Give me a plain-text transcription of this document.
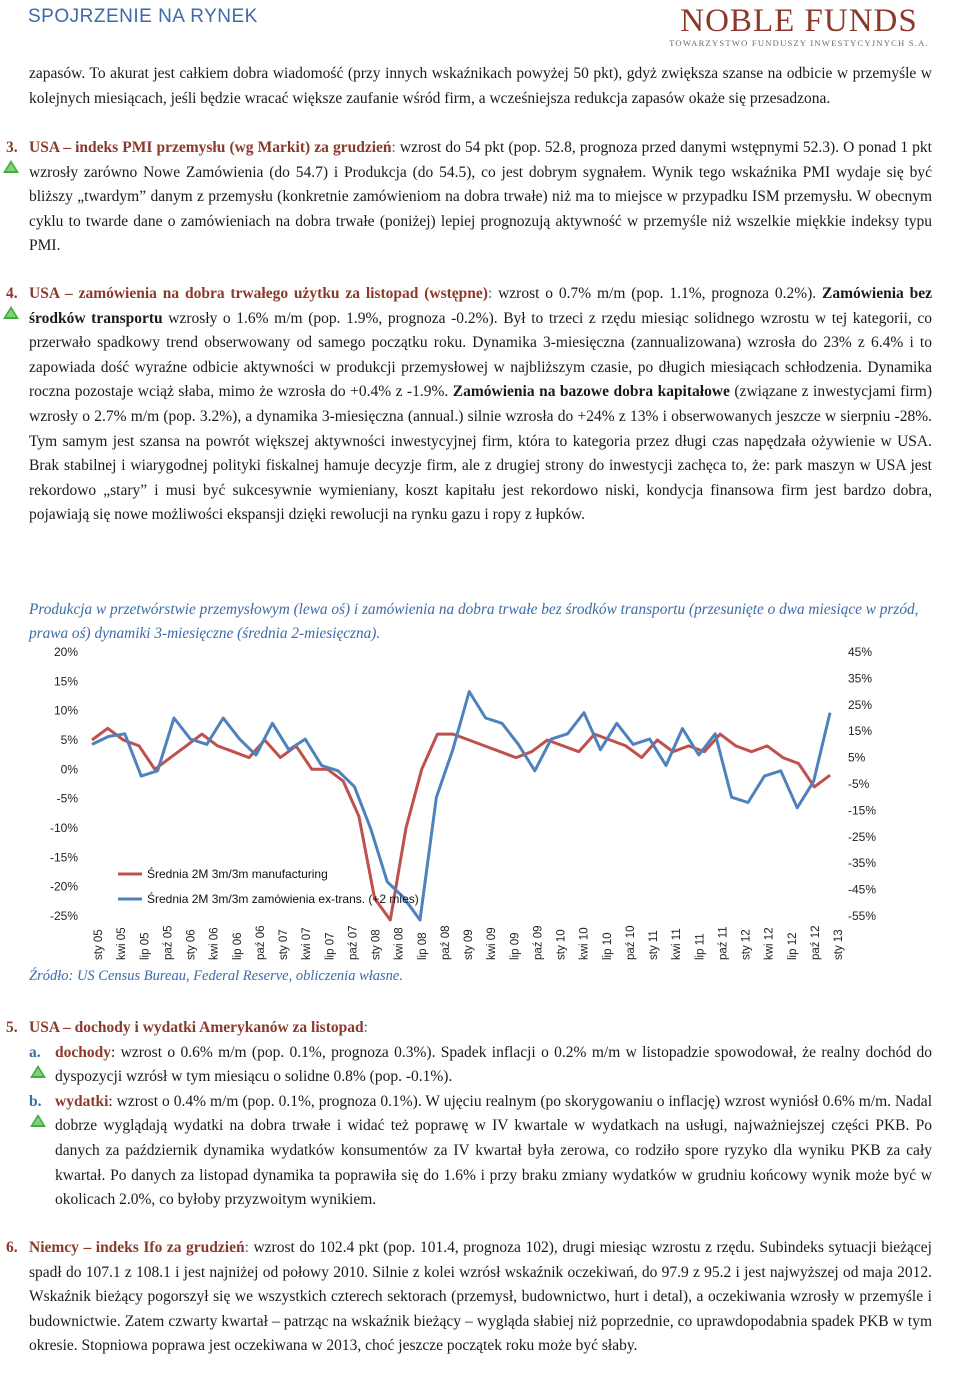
SPOJRZENIE NA RYNEK	NOBLE FUNDS
TOWARZYSTWO FUNDUSZY INWESTYCYJNYCH S.A.

zapasów. To akurat jest całkiem dobra wiadomość (przy innych wskaźnikach powyżej 50 pkt), gdyż zwiększa szanse na odbicie w przemyśle w kolejnych miesiącach, jeśli będzie wracać większe zaufanie wśród firm, a wcześniejsza redukcja zapasów okaże się przesadzona.

3. USA – indeks PMI przemysłu (wg Markit) za grudzień: wzrost do 54 pkt (pop. 52.8, prognoza przed danymi wstępnymi 52.3). O ponad 1 pkt wzrosły zarówno Nowe Zamówienia (do 54.7) i Produkcja (do 54.5), co jest dobrym sygnałem. Wynik tego wskaźnika PMI wydaje się być bliższy „twardym” danym z przemysłu (konkretnie zamówieniom na dobra trwałe) niż ma to miejsce w przypadku ISM przemysłu. W obecnym cyklu to twarde dane o zamówieniach na dobra trwałe (poniżej) lepiej prognozują aktywność w przemyśle niż wszelkie miękkie indeksy typu PMI.

4. USA – zamówienia na dobra trwałego użytku za listopad (wstępne): wzrost o 0.7% m/m (pop. 1.1%, prognoza 0.2%). Zamówienia bez środków transportu wzrosły o 1.6% m/m (pop. 1.9%, prognoza -0.2%). Był to trzeci z rzędu miesiąc solidnego wzrostu w tej kategorii, co przerwało spadkowy trend obserwowany od samego początku roku. Dynamika 3-miesięczna (zannualizowana) wzrosła do 23% z 6.4% i to zapowiada dość wyraźne odbicie aktywności w produkcji przemysłowej w najbliższym czasie, po długich miesiącach schłodzenia. Dynamika roczna pozostaje wciąż słaba, mimo że wzrosła do +0.4% z -1.9%. Zamówienia na bazowe dobra kapitałowe (związane z inwestycjami firm) wzrosły o 2.7% m/m (pop. 3.2%), a dynamika 3-miesięczna (annual.) silnie wzrosła do +24% z 13% i obserwowanych jeszcze w sierpniu -28%. Tym samym jest szansa na powrót większej aktywności inwestycyjnej firm, która to kategoria przez długi czas napędzała ożywienie w USA. Brak stabilnej i wiarygodnej polityki fiskalnej hamuje decyzje firm, ale z drugiej strony do inwestycji zachęca to, że: park maszyn w USA jest rekordowo „stary” i musi być sukcesywnie wymieniany, koszt kapitału jest rekordowo niski, kondycja finansowa firm jest bardzo dobra, pojawiają się nowe możliwości ekspansji dzięki rewolucji na rynku gazu i ropy z łupków.

Produkcja w przetwórstwie przemysłowym (lewa oś) i zamówienia na dobra trwałe bez środków transportu (przesunięte o dwa miesiące w przód, prawa oś) dynamiki 3-miesięczne (średnia 2-miesięczna).
20%
15%
10%
5%
0%
-5%
-10%
-15%
-20%
-25%
45%
35%
25%
15%
5%
-5%
-15%
-25%
-35%
-45%
-55%
sty 05 kwi 05 lip 05 paź 05 sty 06 kwi 06 lip 06 paź 06 sty 07 kwi 07 lip 07 paź 07 sty 08 kwi 08 lip 08 paź 08 sty 09 kwi 09 lip 09 paź 09 sty 10 kwi 10 lip 10 paź 10 sty 11 kwi 11 lip 11 paź 11 sty 12 kwi 12 lip 12 paź 12 sty 13
Średnia 2M 3m/3m manufacturing
Średnia 2M 3m/3m zamówienia ex-trans. (+2 mies)
Źródło: US Census Bureau, Federal Reserve, obliczenia własne.
5. USA – dochody i wydatki Amerykanów za listopad:

a. dochody: wzrost o 0.6% m/m (pop. 0.1%, prognoza 0.3%). Spadek inflacji o 0.2% m/m w listopadzie spowodował, że realny dochód do dyspozycji wzrósł w tym miesiącu o solidne 0.8% (pop. -0.1%).

b. wydatki: wzrost o 0.4% m/m (pop. 0.1%, prognoza 0.1%). W ujęciu realnym (po skorygowaniu o inflację) wzrost wyniósł 0.6% m/m. Nadal dobrze wyglądają wydatki na dobra trwałe i widać też poprawę w IV kwartale w wydatkach na usługi, najważniejszej części PKB. Po danych za październik dynamika wydatków konsumentów za IV kwartał była zerowa, co rodziło spore ryzyko dla wyniku PKB za cały kwartał. Po danych za listopad dynamika ta poprawiła się do 1.6% i przy braku zmiany wydatków w grudniu końcowy wynik może być w okolicach 2.0%, co byłoby przyzwoitym wynikiem.

6. Niemcy – indeks Ifo za grudzień: wzrost do 102.4 pkt (pop. 101.4, prognoza 102), drugi miesiąc wzrostu z rzędu. Subindeks sytuacji bieżącej spadł do 107.1 z 108.1 i jest najniżej od połowy 2010. Silnie z kolei wzrósł wskaźnik oczekiwań, do 97.9 z 95.2 i jest najwyższej od maja 2012. Wskaźnik bieżący pogorszył się we wszystkich czterech sektorach (przemysł, budownictwo, hurt i detal), a oczekiwania wzrosły w przemyśle i budownictwie. Zatem czwarty kwartał – patrząc na wskaźnik bieżący – wygląda słabiej niż poprzednie, co uprawdopodabnia spadek PKB w tym okresie. Stopniowa poprawa jest oczekiwana w 2013, choć jeszcze początek roku może być słaby.
